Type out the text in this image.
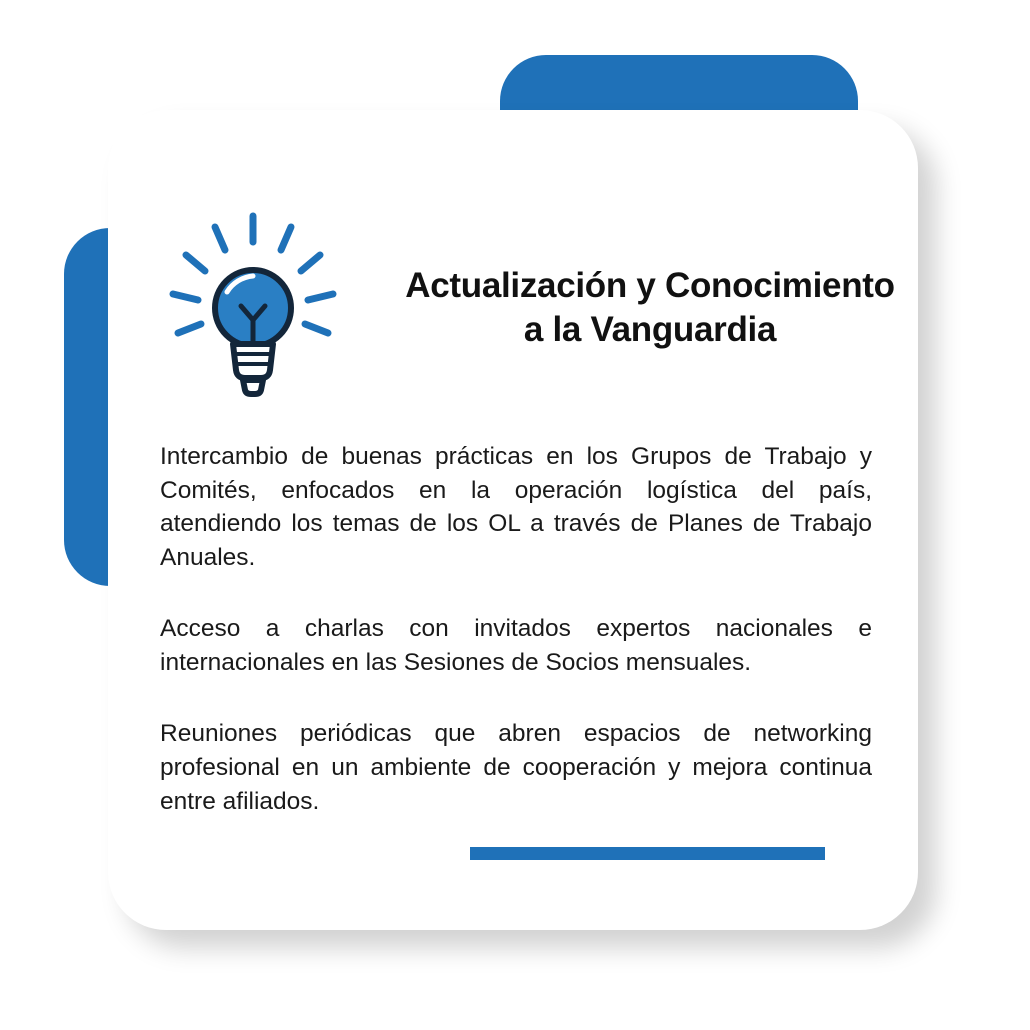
Actualización y Conocimiento a la Vanguardia

Intercambio de buenas prácticas en los Grupos de Trabajo y Comités, enfocados en la operación logística del país, atendiendo los temas de los OL a través de Planes de Trabajo Anuales.

Acceso a charlas con invitados expertos nacionales e internacionales en las Sesiones de Socios mensuales.

Reuniones periódicas que abren espacios de networking profesional en un ambiente de cooperación y mejora continua entre afiliados.
